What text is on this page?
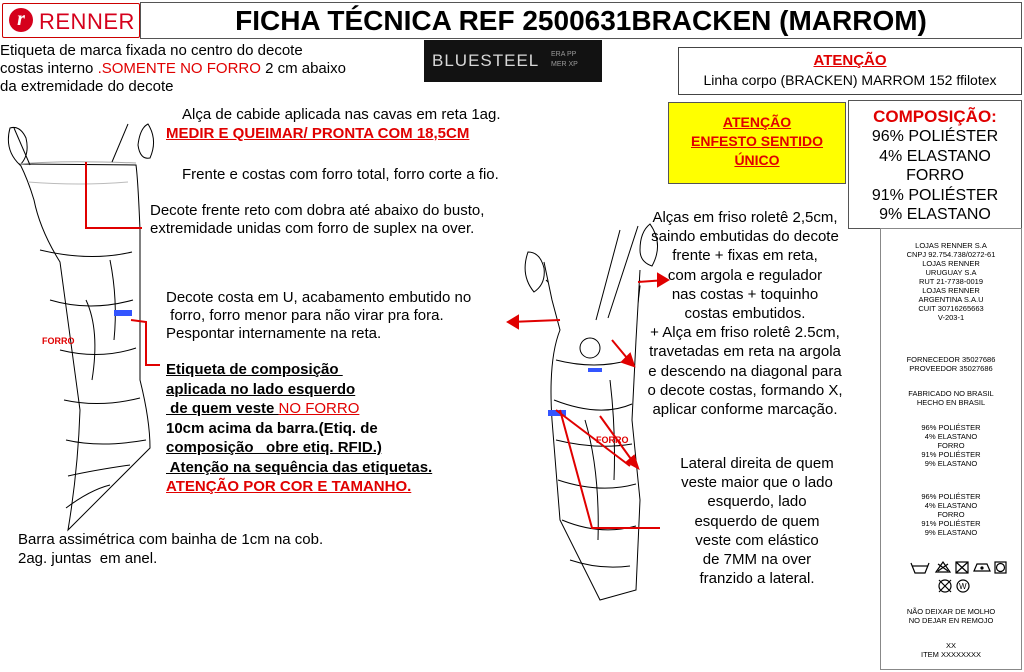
r RENNER	FICHA TÉCNICA REF 2500631BRACKEN (MARROM)
Etiqueta de marca fixada no centro do decote
costas interno .SOMENTE NO FORRO 2 cm abaixo
da extremidade do decote
BLUESTEEL ERA PP
MER XP	ATENÇÃO
Linha corpo (BRACKEN) MARROM 152 ffilotex
ATENÇÃO
ENFESTO SENTIDO
ÚNICO
COMPOSIÇÃO:
96% POLIÉSTER
4% ELASTANO
FORRO
91% POLIÉSTER
9% ELASTANO
LOJAS RENNER S.A
CNPJ 92.754.738/0272-61
LOJAS RENNER
URUGUAY S.A
RUT 21-7738-0019
LOJAS RENNER
ARGENTINA S.A.U
CUIT 30716265663
V-203-1
FORNECEDOR 35027686
PROVEEDOR 35027686
FABRICADO NO BRASIL
HECHO EN BRASIL
96% POLIÉSTER
4% ELASTANO
FORRO
91% POLIÉSTER
9% ELASTANO
96% POLIÉSTER
4% ELASTANO
FORRO
91% POLIÉSTER
9% ELASTANO
W
NÃO DEIXAR DE MOLHO
NO DEJAR EN REMOJO
XX
ITEM XXXXXXXX
FORRO
FORRO
Alça de cabide aplicada nas cavas em reta 1ag.
MEDIR E QUEIMAR/ PRONTA COM 18,5CM
Frente e costas com forro total, forro corte a fio.
Decote frente reto com dobra até abaixo do busto,
extremidade unidas com forro de suplex na over.
Decote costa em U, acabamento embutido no
forro, forro menor para não virar pra fora.
Pespontar internamente na reta.
Etiqueta de composição
aplicada no lado esquerdo
de quem veste NO FORRO
10cm acima da barra.(Etiq. de
composição   obre etiq. RFID.)
Atenção na sequência das etiquetas.
ATENÇÃO POR COR E TAMANHO.
Barra assimétrica com bainha de 1cm na cob.
2ag. juntas  em anel.
Alças em friso roletê 2,5cm,
saindo embutidas do decote
frente + fixas em reta,
com argola e regulador
nas costas + toquinho
costas embutidos.
+ Alça em friso roletê 2.5cm,
travetadas em reta na argola
e descendo na diagonal para
o decote costas, formando X,
aplicar conforme marcação.
Lateral direita de quem
veste maior que o lado
esquerdo, lado
esquerdo de quem
veste com elástico
de 7MM na over
franzido a lateral.
